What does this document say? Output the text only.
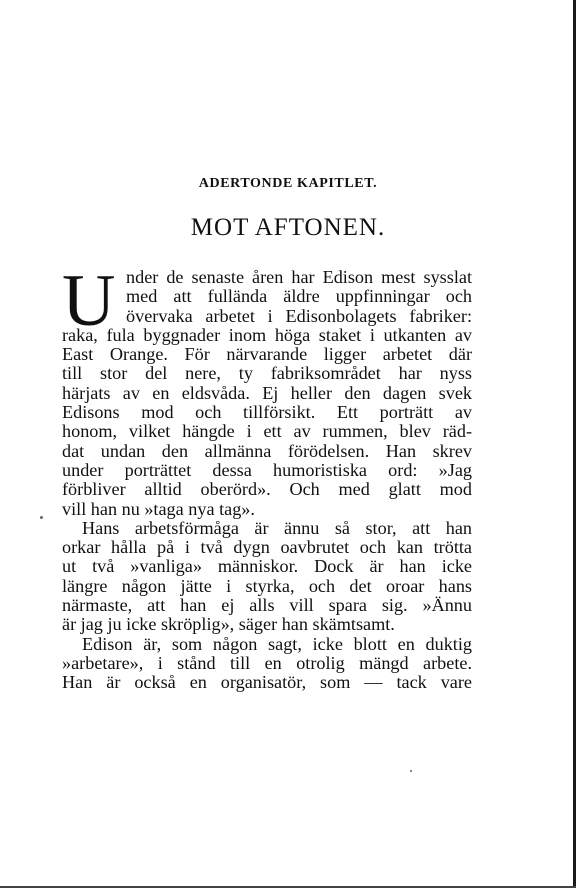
ADERTONDE KAPITLET.
MOT AFTONEN.
U nder de senaste åren har Edison mest sysslat
med att fullända äldre uppfinningar och
övervaka arbetet i Edisonbolagets fabriker:
raka, fula byggnader inom höga staket i utkanten av
East Orange. För närvarande ligger arbetet där
till stor del nere, ty fabriksområdet har nyss
härjats av en eldsvåda. Ej heller den dagen svek
Edisons mod och tillförsikt. Ett porträtt av
honom, vilket hängde i ett av rummen, blev räd-
dat undan den allmänna förödelsen. Han skrev
under porträttet dessa humoristiska ord: »Jag
förbliver alltid oberörd». Och med glatt mod
vill han nu »taga nya tag».
Hans arbetsförmåga är ännu så stor, att han
orkar hålla på i två dygn oavbrutet och kan trötta
ut två »vanliga» människor. Dock är han icke
längre någon jätte i styrka, och det oroar hans
närmaste, att han ej alls vill spara sig. »Ännu
är jag ju icke skröplig», säger han skämtsamt.
Edison är, som någon sagt, icke blott en duktig
»arbetare», i stånd till en otrolig mängd arbete.
Han är också en organisatör, som — tack vare
